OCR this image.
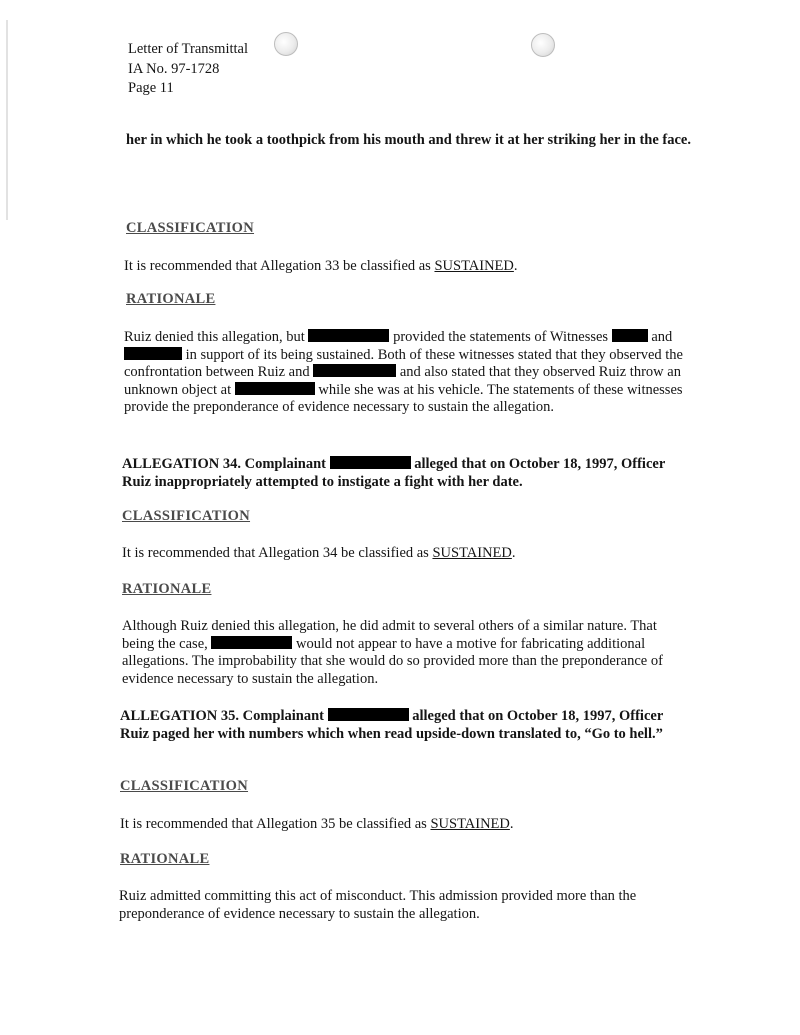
Letter of Transmittal
IA No. 97-1728
Page 11
her in which he took a toothpick from his mouth and threw it at her striking her in the face.
CLASSIFICATION
It is recommended that Allegation 33 be classified as SUSTAINED.
RATIONALE
Ruiz denied this allegation, but	provided the statements of Witnesses	and  in support of its being sustained. Both of these witnesses stated that they observed the confrontation between Ruiz and	and also stated that they observed Ruiz throw an unknown object at	while she was at his vehicle. The statements of these witnesses provide the preponderance of evidence necessary to sustain the allegation.
ALLEGATION 34. Complainant	alleged that on October 18, 1997, Officer Ruiz inappropriately attempted to instigate a fight with her date.
CLASSIFICATION
It is recommended that Allegation 34 be classified as SUSTAINED.
RATIONALE
Although Ruiz denied this allegation, he did admit to several others of a similar nature. That being the case,	would not appear to have a motive for fabricating additional allegations. The improbability that she would do so provided more than the preponderance of evidence necessary to sustain the allegation.
ALLEGATION 35. Complainant	alleged that on October 18, 1997, Officer Ruiz paged her with numbers which when read upside-down translated to, “Go to hell.”
CLASSIFICATION
It is recommended that Allegation 35 be classified as SUSTAINED.
RATIONALE
Ruiz admitted committing this act of misconduct. This admission provided more than the preponderance of evidence necessary to sustain the allegation.
